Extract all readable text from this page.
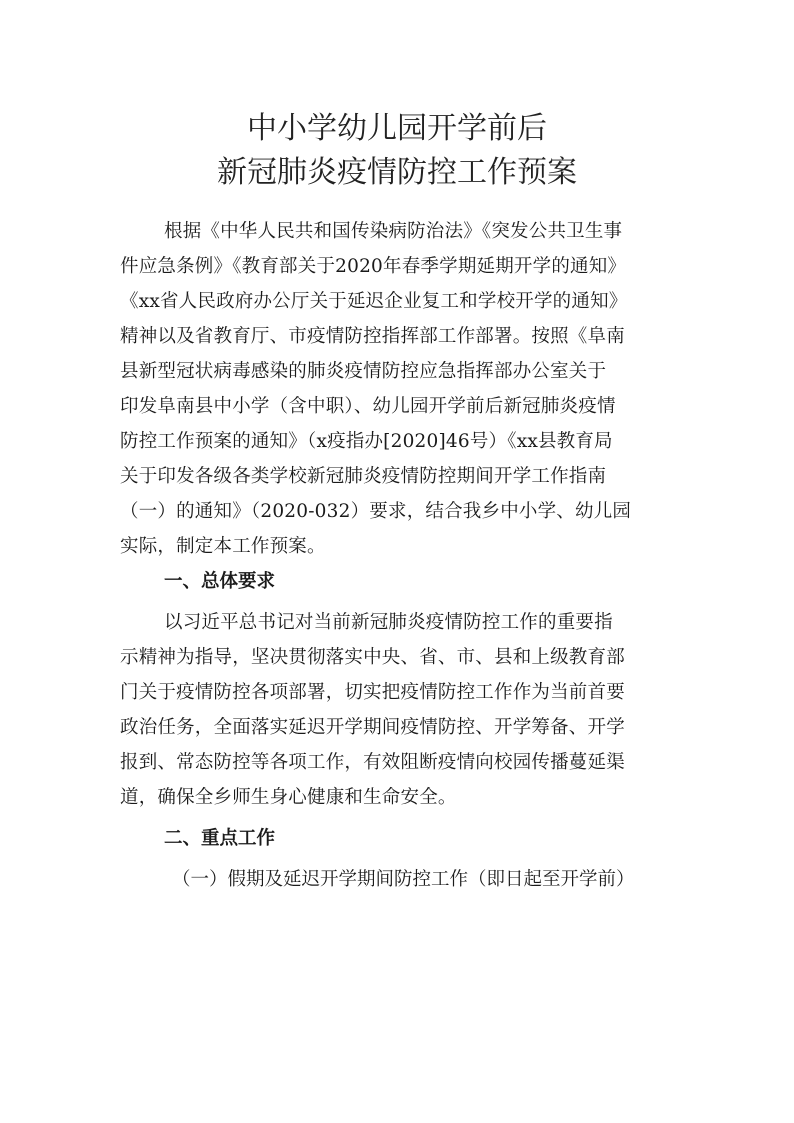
中小学幼儿园开学前后
新冠肺炎疫情防控工作预案
根据《中华人民共和国传染病防治法》《突发公共卫生事
件应急条例》《教育部关于2020年春季学期延期开学的通知》
《xx省人民政府办公厅关于延迟企业复工和学校开学的通知》
精神以及省教育厅、市疫情防控指挥部工作部署。按照《阜南
县新型冠状病毒感染的肺炎疫情防控应急指挥部办公室关于
印发阜南县中小学（含中职）、幼儿园开学前后新冠肺炎疫情
防控工作预案的通知》（x疫指办[2020]46号）《xx县教育局
关于印发各级各类学校新冠肺炎疫情防控期间开学工作指南
（一）的通知》（2020-032）要求，结合我乡中小学、幼儿园
实际，制定本工作预案。
一、总体要求
以习近平总书记对当前新冠肺炎疫情防控工作的重要指
示精神为指导，坚决贯彻落实中央、省、市、县和上级教育部
门关于疫情防控各项部署，切实把疫情防控工作作为当前首要
政治任务，全面落实延迟开学期间疫情防控、开学筹备、开学
报到、常态防控等各项工作，有效阻断疫情向校园传播蔓延渠
道，确保全乡师生身心健康和生命安全。
二、重点工作
（一）假期及延迟开学期间防控工作（即日起至开学前）
